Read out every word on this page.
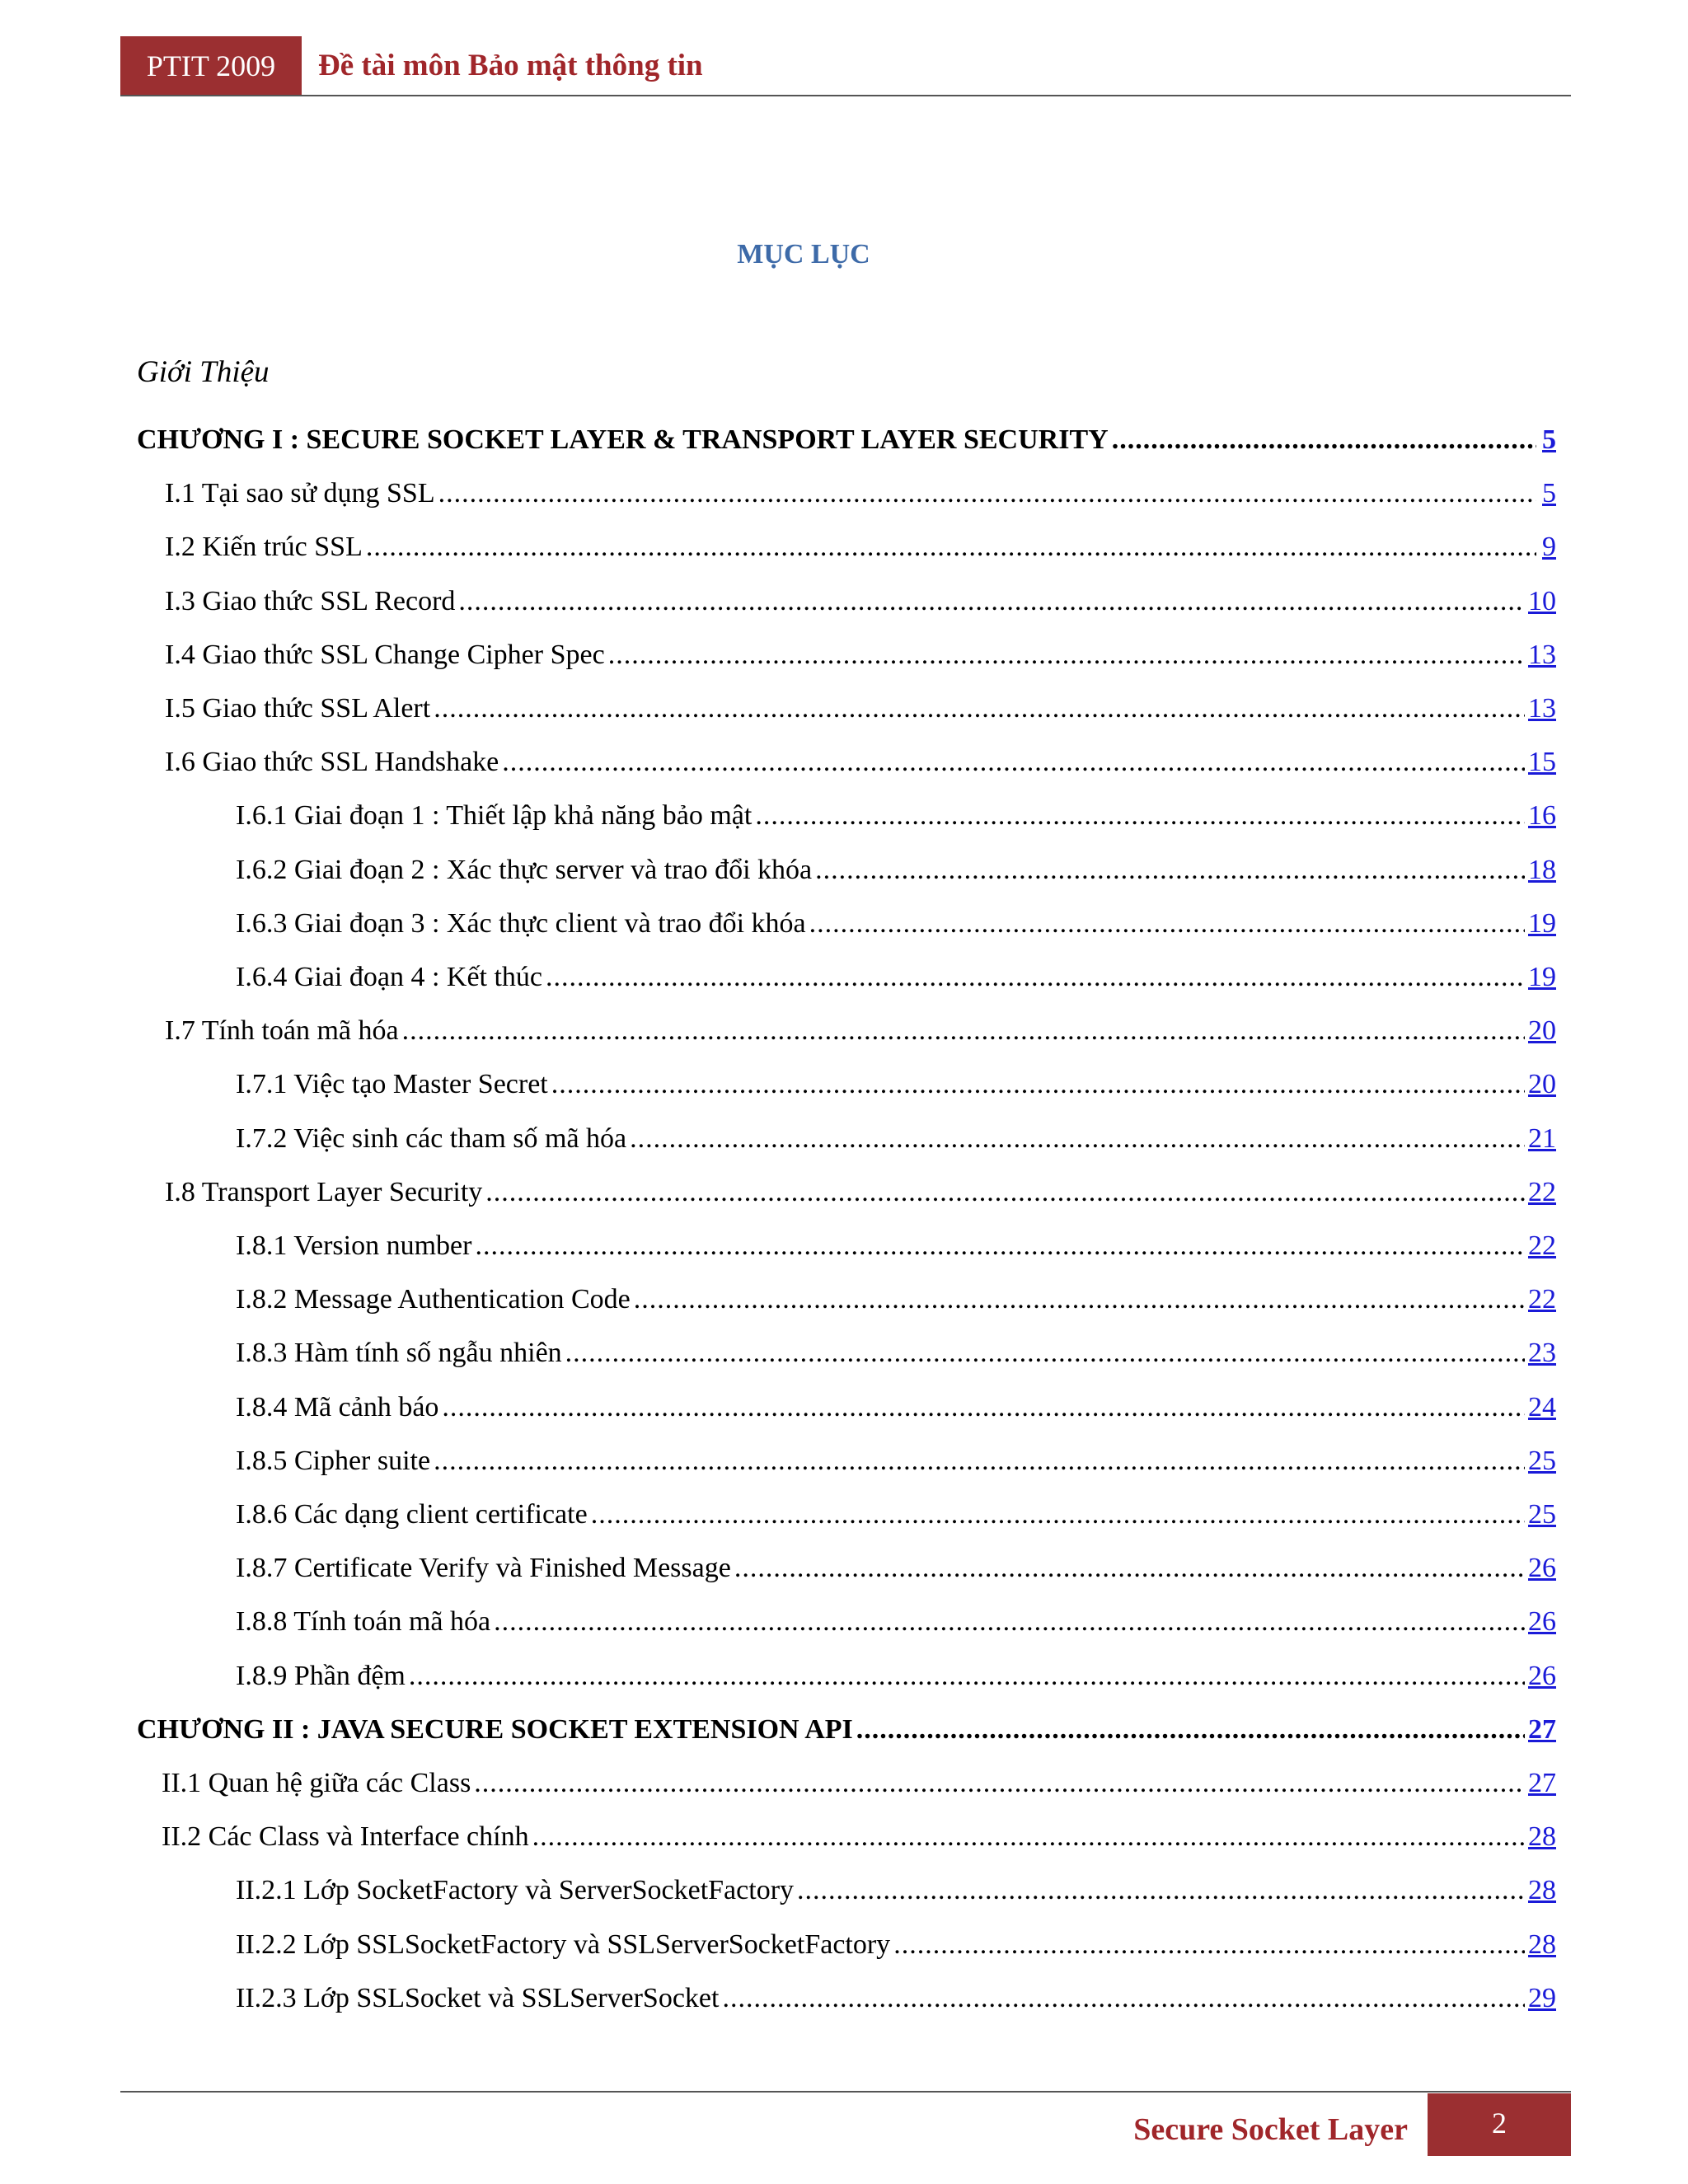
PTIT 2009	Đề tài môn Bảo mật thông tin
MỤC LỤC
Giới Thiệu
CHƯƠNG I : SECURE SOCKET LAYER & TRANSPORT LAYER SECURITY .....	5
I.1 Tại sao sử dụng SSL .....	5
I.2 Kiến trúc SSL .....	9
I.3 Giao thức SSL Record .....	10
I.4 Giao thức SSL Change Cipher Spec .....	13
I.5 Giao thức SSL Alert .....	13
I.6 Giao thức SSL Handshake .....	15
I.6.1 Giai đoạn 1 : Thiết lập khả năng bảo mật .....	16
I.6.2 Giai đoạn 2 : Xác thực server và trao đổi khóa .....	18
I.6.3 Giai đoạn 3 : Xác thực client và trao đổi khóa .....	19
I.6.4 Giai đoạn 4 : Kết thúc .....	19
I.7 Tính toán mã hóa .....	20
I.7.1 Việc tạo Master Secret .....	20
I.7.2 Việc sinh các tham số mã hóa .....	21
I.8 Transport Layer Security .....	22
I.8.1 Version number .....	22
I.8.2 Message Authentication Code .....	22
I.8.3 Hàm tính số ngẫu nhiên .....	23
I.8.4 Mã cảnh báo .....	24
I.8.5 Cipher suite .....	25
I.8.6 Các dạng client certificate .....	25
I.8.7 Certificate Verify và Finished Message .....	26
I.8.8 Tính toán mã hóa .....	26
I.8.9 Phần đệm .....	26
CHƯƠNG II : JAVA SECURE SOCKET EXTENSION API .....	27
II.1 Quan hệ giữa các Class .....	27
II.2 Các Class và Interface chính .....	28
II.2.1 Lớp SocketFactory và ServerSocketFactory .....	28
II.2.2 Lớp SSLSocketFactory và SSLServerSocketFactory .....	28
II.2.3 Lớp SSLSocket và SSLServerSocket .....	29
Secure Socket Layer	2
